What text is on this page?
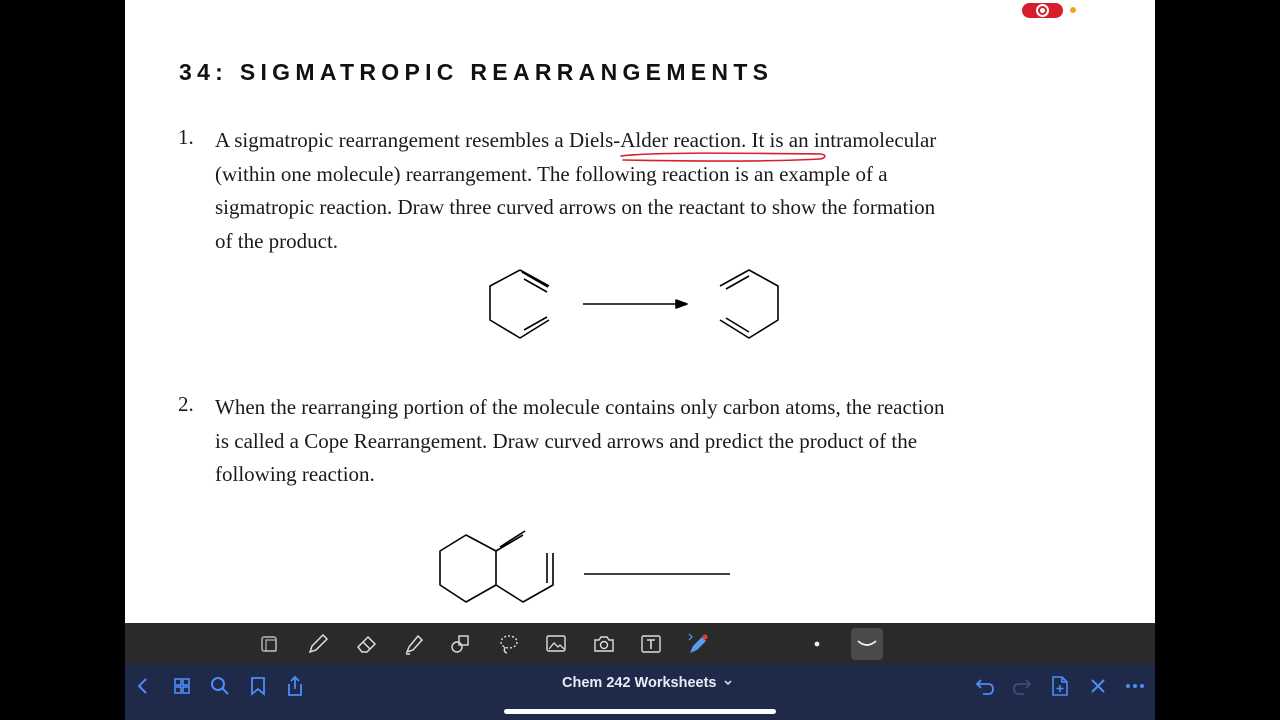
34: SIGMATROPIC REARRANGEMENTS
1. A sigmatropic rearrangement resembles a Diels-Alder reaction. It is an intramolecular
(within one molecule) rearrangement. The following reaction is an example of a
sigmatropic reaction. Draw three curved arrows on the reactant to show the formation
of the product.
2. When the rearranging portion of the molecule contains only carbon atoms, the reaction
is called a Cope Rearrangement. Draw curved arrows and predict the product of the
following reaction.
Chem 242 Worksheets
